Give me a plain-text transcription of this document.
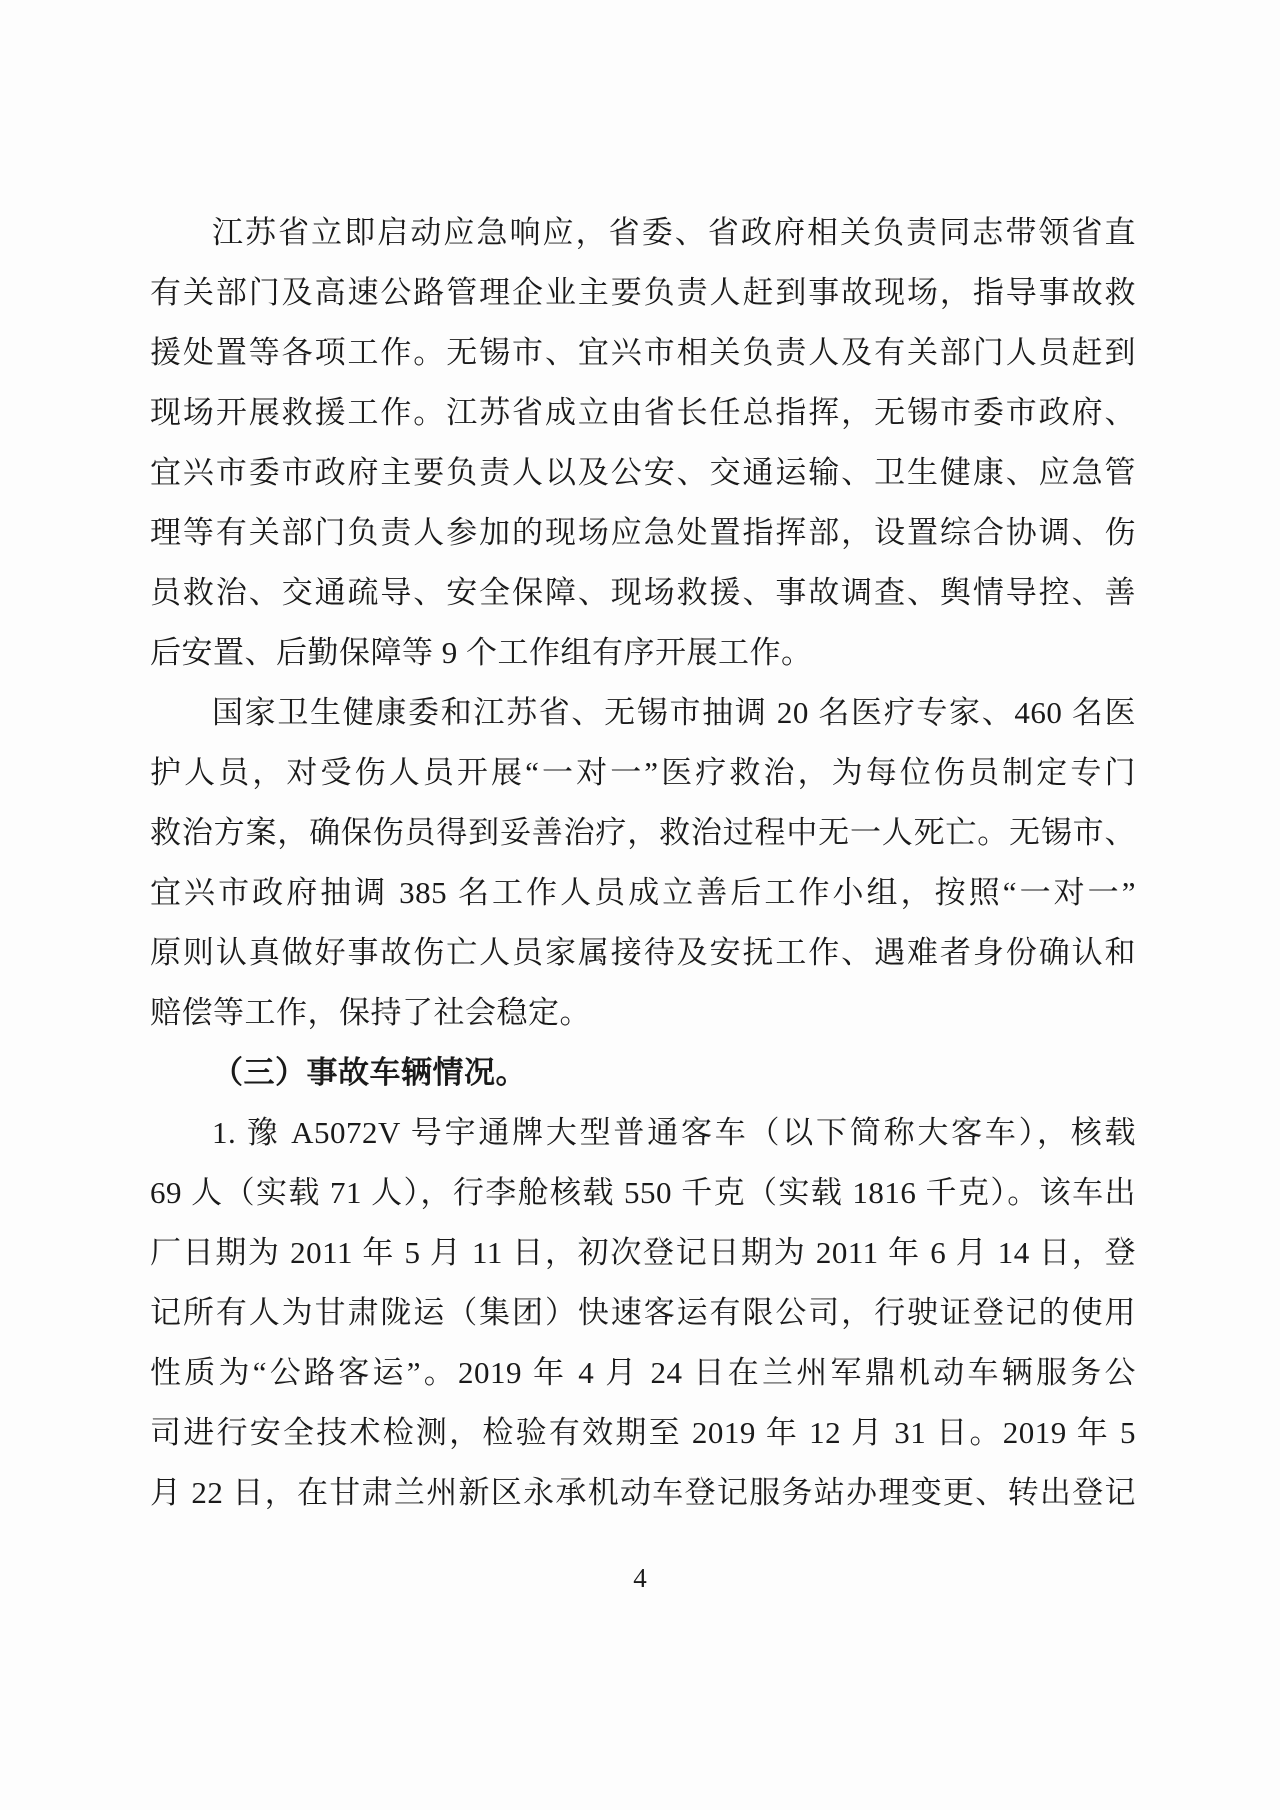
江苏省立即启动应急响应，省委、省政府相关负责同志带领省直
有关部门及高速公路管理企业主要负责人赶到事故现场，指导事故救
援处置等各项工作。无锡市、宜兴市相关负责人及有关部门人员赶到
现场开展救援工作。江苏省成立由省长任总指挥，无锡市委市政府、
宜兴市委市政府主要负责人以及公安、交通运输、卫生健康、应急管
理等有关部门负责人参加的现场应急处置指挥部，设置综合协调、伤
员救治、交通疏导、安全保障、现场救援、事故调查、舆情导控、善
后安置、后勤保障等 9 个工作组有序开展工作。
国家卫生健康委和江苏省、无锡市抽调 20 名医疗专家、460 名医
护人员，对受伤人员开展“一对一”医疗救治，为每位伤员制定专门
救治方案，确保伤员得到妥善治疗，救治过程中无一人死亡。无锡市、
宜兴市政府抽调 385 名工作人员成立善后工作小组，按照“一对一”
原则认真做好事故伤亡人员家属接待及安抚工作、遇难者身份确认和
赔偿等工作，保持了社会稳定。
（三）事故车辆情况。
1. 豫 A5072V 号宇通牌大型普通客车（以下简称大客车），核载
69 人（实载 71 人），行李舱核载 550 千克（实载 1816 千克）。该车出
厂日期为 2011 年 5 月 11 日，初次登记日期为 2011 年 6 月 14 日，登
记所有人为甘肃陇运（集团）快速客运有限公司，行驶证登记的使用
性质为“公路客运”。2019 年 4 月 24 日在兰州军鼎机动车辆服务公
司进行安全技术检测，检验有效期至 2019 年 12 月 31 日。2019 年 5
月 22 日，在甘肃兰州新区永承机动车登记服务站办理变更、转出登记
4
